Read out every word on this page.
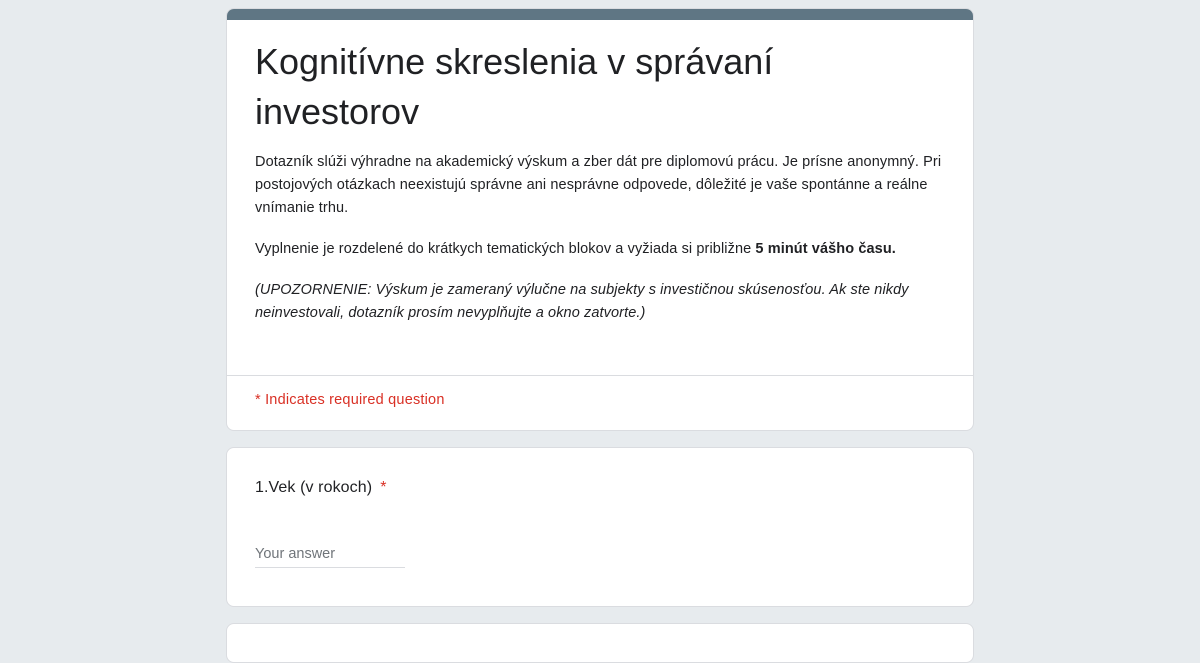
Kognitívne skreslenia v správaní investorov

Dotazník slúži výhradne na akademický výskum a zber dát pre diplomovú prácu. Je prísne anonymný. Pri postojových otázkach neexistujú správne ani nesprávne odpovede, dôležité je vaše spontánne a reálne vnímanie trhu.

Vyplnenie je rozdelené do krátkych tematických blokov a vyžiada si približne 5 minút vášho času.

(UPOZORNENIE: Výskum je zameraný výlučne na subjekty s investičnou skúsenosťou. Ak ste nikdy neinvestovali, dotazník prosím nevyplňujte a okno zatvorte.)

* Indicates required question
1.Vek (v rokoch) *
Your answer
